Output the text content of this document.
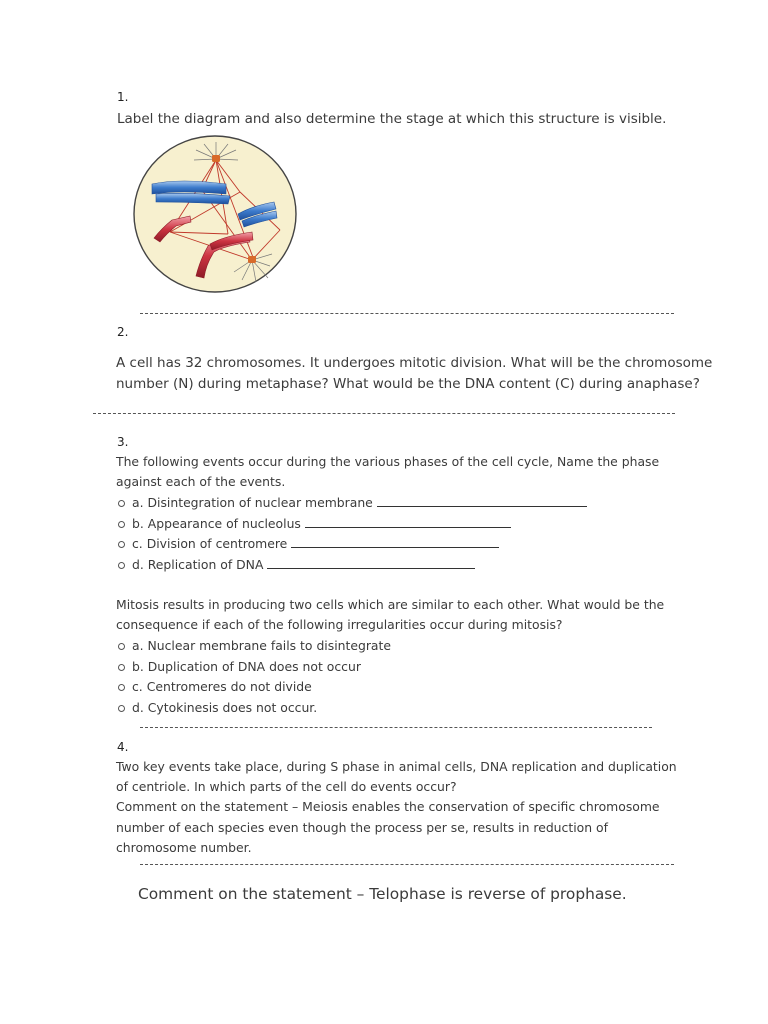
1.
Label the diagram and also determine the stage at which this structure is visible.
2.
A cell has 32 chromosomes. It undergoes mitotic division. What will be the chromosome
number (N) during metaphase? What would be the DNA content (C) during anaphase?
3.
The following events occur during the various phases of the cell cycle, Name the phase
against each of the events.
a. Disintegration of nuclear membrane
b. Appearance of nucleolus
c. Division of centromere
d. Replication of DNA
Mitosis results in producing two cells which are similar to each other. What would be the
consequence if each of the following irregularities occur during mitosis?
a. Nuclear membrane fails to disintegrate
b. Duplication of DNA does not occur
c. Centromeres do not divide
d. Cytokinesis does not occur.
4.
Two key events take place, during S phase in animal cells, DNA replication and duplication
of centriole. In which parts of the cell do events occur?
Comment on the statement – Meiosis enables the conservation of specific chromosome
number of each species even though the process per se, results in reduction of
chromosome number.
Comment on the statement – Telophase is reverse of prophase.
